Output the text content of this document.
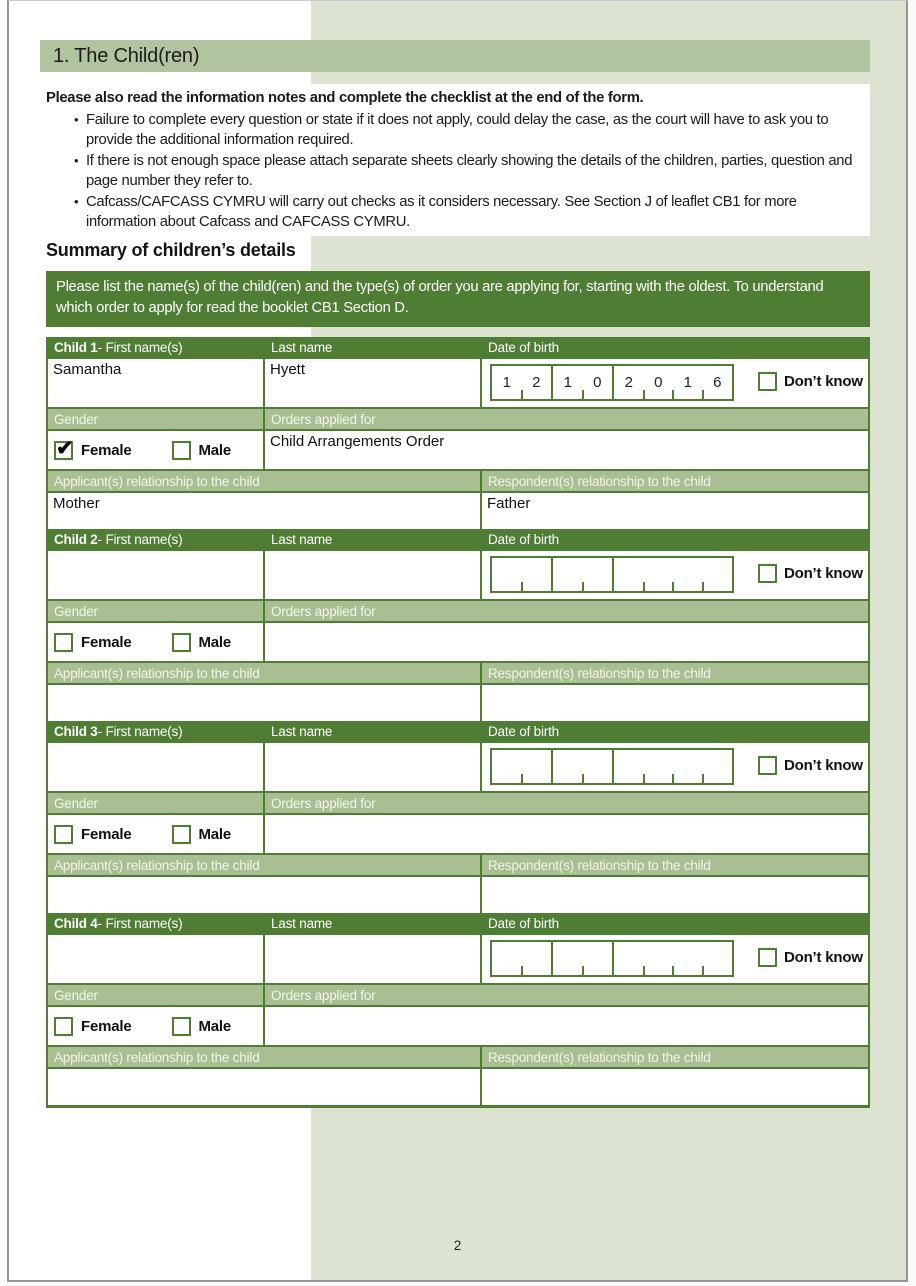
1. The Child(ren)
Please also read the information notes and complete the checklist at the end of the form.
• Failure to complete every question or state if it does not apply, could delay the case, as the court will have to ask you to provide the additional information required.
• If there is not enough space please attach separate sheets clearly showing the details of the children, parties, question and page number they refer to.
• Cafcass/CAFCASS CYMRU will carry out checks as it considers necessary. See Section J of leaflet CB1 for more information about Cafcass and CAFCASS CYMRU.
Summary of children’s details
Please list the name(s) of the child(ren) and the type(s) of order you are applying for, starting with the oldest. To understand which order to apply for read the booklet CB1 Section D.
Child 1 - First name(s)	Last name	Date of birth
Samantha	Hyett
1	2	1	0	2	0	1	6	Don’t know
Gender	Orders applied for
✔
Female	Male	Child Arrangements Order
Applicant(s) relationship to the child	Respondent(s) relationship to the child
Mother	Father
Child 2 - First name(s)	Last name	Date of birth
Don’t know
Gender	Orders applied for
Female	Male
Applicant(s) relationship to the child	Respondent(s) relationship to the child
Child 3 - First name(s)	Last name	Date of birth
Don’t know
Gender	Orders applied for
Female	Male
Applicant(s) relationship to the child	Respondent(s) relationship to the child
Child 4 - First name(s)	Last name	Date of birth
Don’t know
Gender	Orders applied for
Female	Male
Applicant(s) relationship to the child	Respondent(s) relationship to the child
2
